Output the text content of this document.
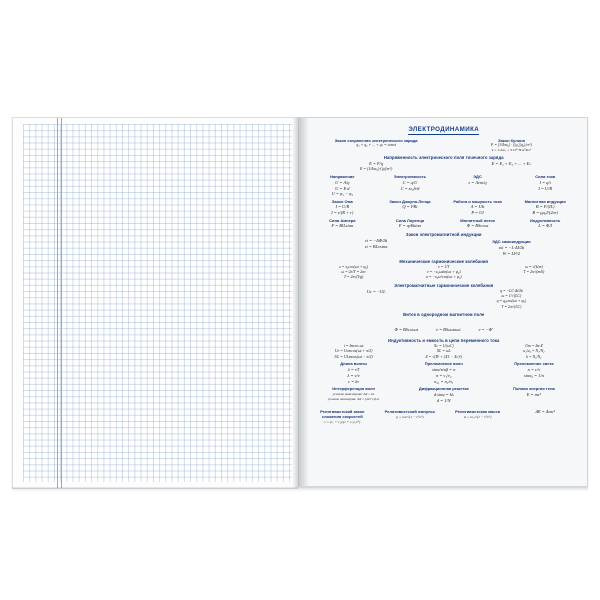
ЭЛЕКТРОДИНАМИКА
Закон сохранения электрического заряда
q₁ + q₂ + ... + qₙ = const
Закон Кулона
F = (1/4πε₀) · (|q₁||q₂|/εr²)
k = 1/4πε₀ = 9·10⁹ Н·м²/Кл²
Напряженность электрического поля точечного заряда
E = F/q
E = (1/4πε₀)·(|q|/εr²)
E = E₁ + E₂ + ... + Eₙ
Напряжение
U = A/q
U = E·d
U = φ₁ − φ₂
Электроемкость
C = q/U
C = εε₀S/d
ЭДС
ε = Aст/q
Сила тока
I = q/t
I = U/R
Закон Ома
I = U/R
I = ε/(R + r)
Закон Джоуля-Ленца
Q = I²Rt
Работа и мощность тока
A = UIt
P = UI
Магнитная индукция
B = F/(IL)
B = μμ₀I/(2πr)
Сила Ампера
F = BILsinα
Сила Лоренца
F = qvBsinα
Магнитный поток
Φ = BScosα
Индуктивность
L = Φ/I
Закон электромагнитной индукции
εi = −ΔΦ/Δt
εi = BLvsinα
ЭДС самоиндукции
εsi = −L·ΔI/Δt
W = LI²/2
Механические гармонические колебания
x = x₀cos(ωt + φ₀)
ω = 2π/T = 2πν
T = 2π√(l/g)
ν = 1/T
v = −x₀ωsin(ωt + φ₀)
a = −x₀ω²cos(ωt + φ₀)
ω = √(k/m)
T = 2π√(m/k)
Электромагнитные гармонические колебания
Uc = −UL	q = −LC·Δi/Δt
ω = 1/√(LC)
q = q₀cos(ωt + φ₀)
T = 2π√(LC)
Виток в однородном магнитном поле
Φ = BScosωt	e = BSωsinωt	e = −Φ′
Индуктивность и емкость в цепи переменного тока
i = Imcos ωt
Uc = Ucmcos(ωt + π/2)
UL = ULmcos(ωt − π/2)
Xc = 1/(ωC)
XL = ωL
Z = √(R² + (XL − Xc)²)
Um = Im·Z
u₁/u₂ = N₁/N₂
k = N₁/N₂
Длина волны
λ = vT
λ = v/ν
c = λν
Преломление волн
sinα/sinβ = n
n = v₁/v₂
n₂₁ = n₂/n₁
Преломление света
n = c/v
sinα₀ = 1/n
Интерференция волн
условие максимума: Δd = kλ
условие минимума: Δd = (2k+1)λ/2
Дифракционная решетка
d·sinφ = kλ
d = 1/N
Полная энергия тела
E = mc²
Релятивистский закон сложения скоростей
v = (v₁ + v₂)/(1 + v₁v₂/c²)
Релятивистский импульс
p = mv/√(1 − v²/c²)
Релятивистская масса
m = m₀/√(1 − v²/c²)
ΔE = Δmc²
